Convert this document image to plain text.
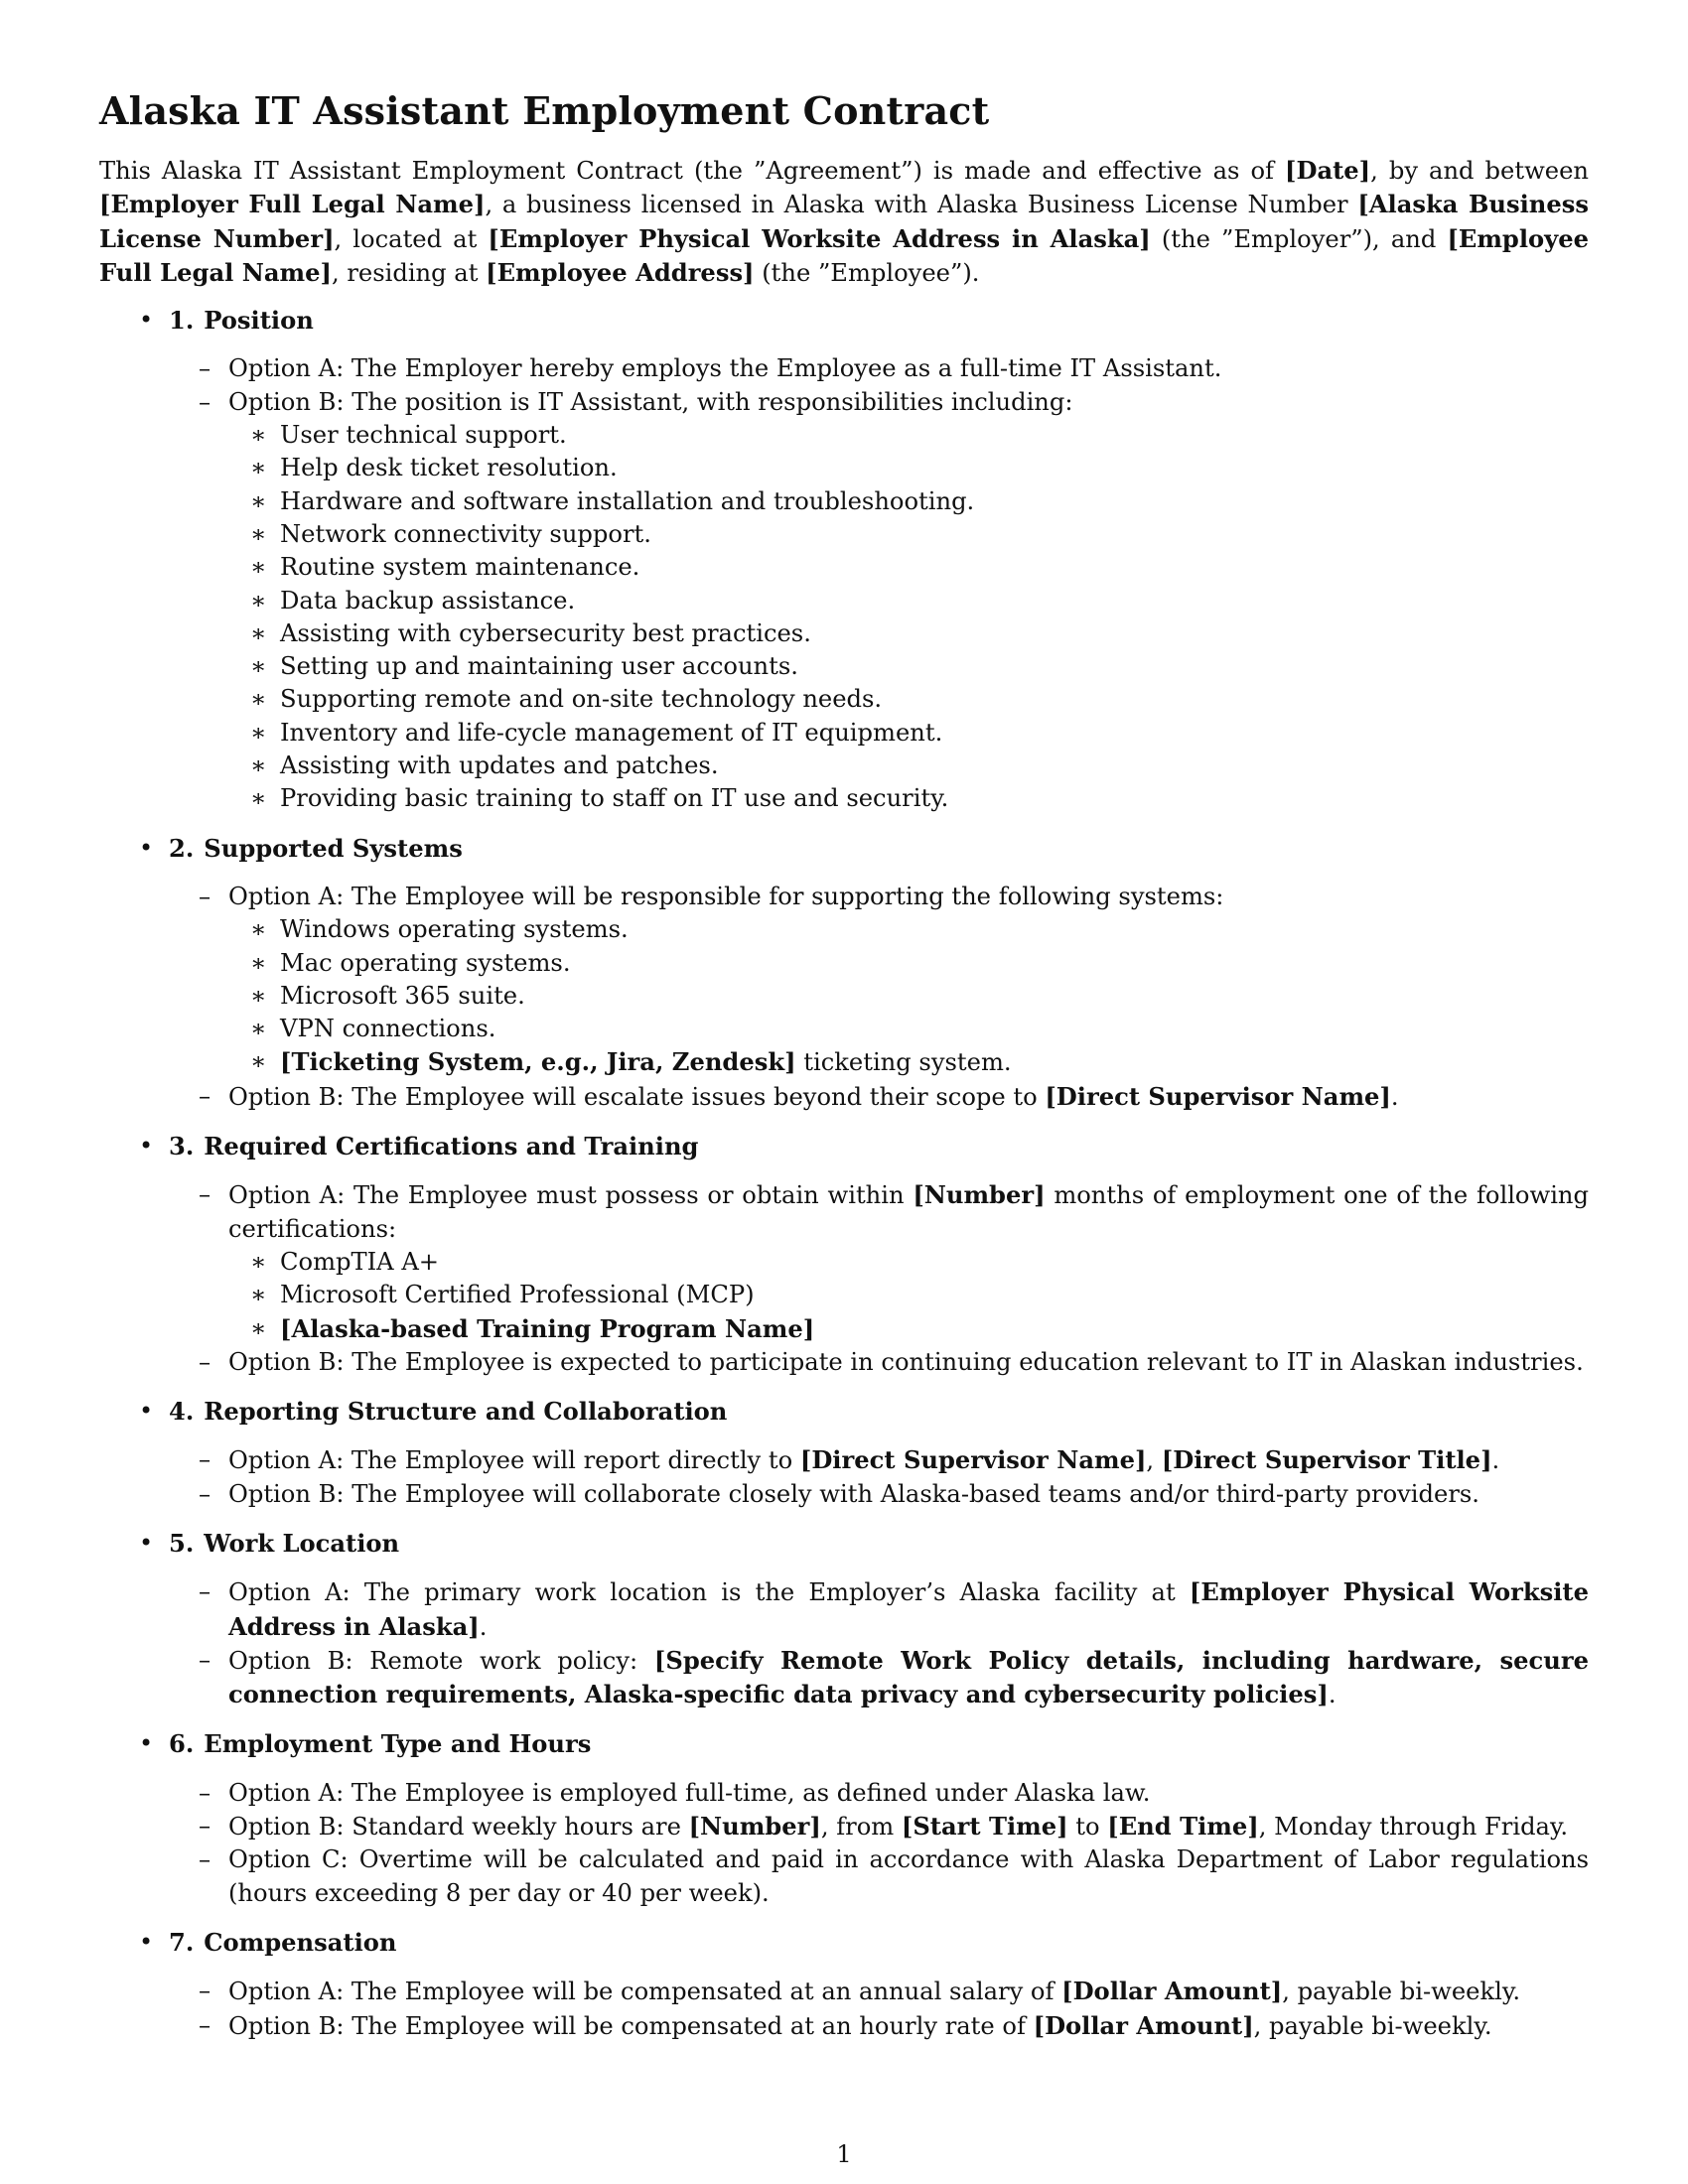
Alaska IT Assistant Employment Contract

This Alaska IT Assistant Employment Contract (the ”Agreement”) is made and effective as of [Date], by and between [Employer Full Legal Name], a business licensed in Alaska with Alaska Business License Number [Alaska Business License Number], located at [Employer Physical Worksite Address in Alaska] (the ”Employer”), and [Employee Full Legal Name], residing at [Employee Address] (the ”Employee”).

• 1. Position
– Option A: The Employer hereby employs the Employee as a full-time IT Assistant.
– Option B: The position is IT Assistant, with responsibilities including:
∗ User technical support.
∗ Help desk ticket resolution.
∗ Hardware and software installation and troubleshooting.
∗ Network connectivity support.
∗ Routine system maintenance.
∗ Data backup assistance.
∗ Assisting with cybersecurity best practices.
∗ Setting up and maintaining user accounts.
∗ Supporting remote and on-site technology needs.
∗ Inventory and life-cycle management of IT equipment.
∗ Assisting with updates and patches.
∗ Providing basic training to staff on IT use and security.
• 2. Supported Systems
– Option A: The Employee will be responsible for supporting the following systems:
∗ Windows operating systems.
∗ Mac operating systems.
∗ Microsoft 365 suite.
∗ VPN connections.
∗ [Ticketing System, e.g., Jira, Zendesk] ticketing system.
– Option B: The Employee will escalate issues beyond their scope to [Direct Supervisor Name].
• 3. Required Certifications and Training
– Option A: The Employee must possess or obtain within [Number] months of employment one of the following certifications:
∗ CompTIA A+
∗ Microsoft Certified Professional (MCP)
∗ [Alaska-based Training Program Name]
– Option B: The Employee is expected to participate in continuing education relevant to IT in Alaskan industries.
• 4. Reporting Structure and Collaboration
– Option A: The Employee will report directly to [Direct Supervisor Name], [Direct Supervisor Title].
– Option B: The Employee will collaborate closely with Alaska-based teams and/or third-party providers.
• 5. Work Location
– Option A: The primary work location is the Employer’s Alaska facility at [Employer Physical Worksite Address in Alaska].
– Option B: Remote work policy: [Specify Remote Work Policy details, including hardware, secure connection requirements, Alaska-specific data privacy and cybersecurity policies].
• 6. Employment Type and Hours
– Option A: The Employee is employed full-time, as defined under Alaska law.
– Option B: Standard weekly hours are [Number], from [Start Time] to [End Time], Monday through Friday.
– Option C: Overtime will be calculated and paid in accordance with Alaska Department of Labor regulations (hours exceeding 8 per day or 40 per week).
• 7. Compensation
– Option A: The Employee will be compensated at an annual salary of [Dollar Amount], payable bi-weekly.
– Option B: The Employee will be compensated at an hourly rate of [Dollar Amount], payable bi-weekly.
1
